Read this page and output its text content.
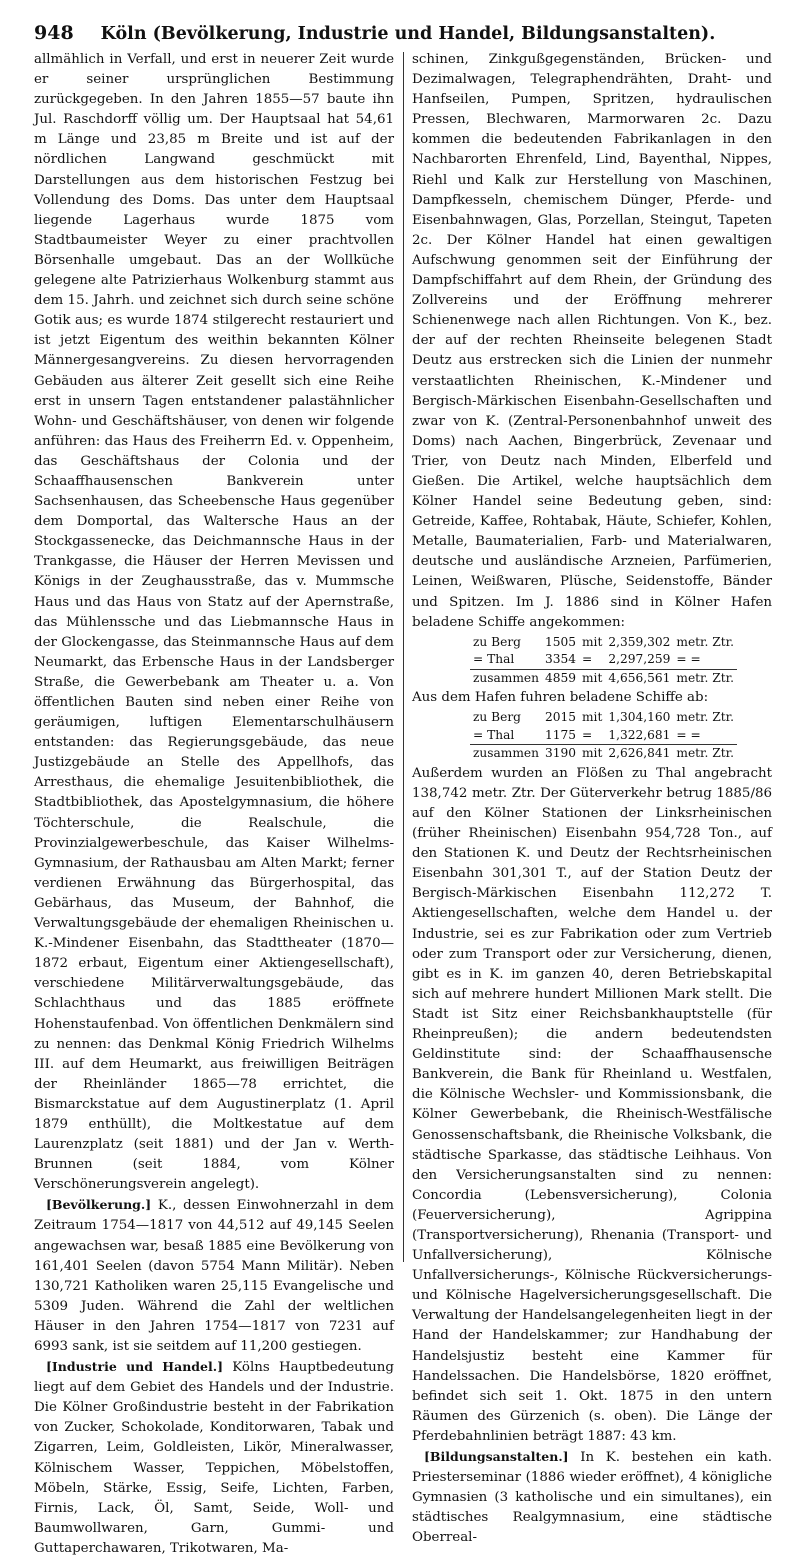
948	Köln (Bevölkerung, Industrie und Handel, Bildungsanstalten).

allmählich in Verfall, und erst in neuerer Zeit wurde er seiner ursprünglichen Bestimmung zurückgegeben. In den Jahren 1855—57 baute ihn Jul. Raschdorff völlig um. Der Hauptsaal hat 54,61 m Länge und 23,85 m Breite und ist auf der nördlichen Langwand geschmückt mit Darstellungen aus dem historischen Festzug bei Vollendung des Doms. Das unter dem Hauptsaal liegende Lagerhaus wurde 1875 vom Stadtbaumeister Weyer zu einer prachtvollen Börsenhalle umgebaut. Das an der Wollküche gelegene alte Patrizierhaus Wolkenburg stammt aus dem 15. Jahrh. und zeichnet sich durch seine schöne Gotik aus; es wurde 1874 stilgerecht restauriert und ist jetzt Eigentum des weithin bekannten Kölner Männergesangvereins. Zu diesen hervorragenden Gebäuden aus älterer Zeit gesellt sich eine Reihe erst in unsern Tagen entstandener palastähnlicher Wohn- und Geschäftshäuser, von denen wir folgende anführen: das Haus des Freiherrn Ed. v. Oppenheim, das Geschäftshaus der Colonia und der Schaaffhausenschen Bankverein unter Sachsenhausen, das Scheebensche Haus gegenüber dem Domportal, das Waltersche Haus an der Stockgassenecke, das Deichmannsche Haus in der Trankgasse, die Häuser der Herren Mevissen und Königs in der Zeughausstraße, das v. Mummsche Haus und das Haus von Statz auf der Apernstraße, das Mühlenssche und das Liebmannsche Haus in der Glockengasse, das Steinmannsche Haus auf dem Neumarkt, das Erbensche Haus in der Landsberger Straße, die Gewerbebank am Theater u. a. Von öffentlichen Bauten sind neben einer Reihe von geräumigen, luftigen Elementarschulhäusern entstanden: das Regierungsgebäude, das neue Justizgebäude an Stelle des Appellhofs, das Arresthaus, die ehemalige Jesuitenbibliothek, die Stadtbibliothek, das Apostelgymnasium, die höhere Töchterschule, die Realschule, die Provinzialgewerbeschule, das Kaiser Wilhelms-Gymnasium, der Rathausbau am Alten Markt; ferner verdienen Erwähnung das Bürgerhospital, das Gebärhaus, das Museum, der Bahnhof, die Verwaltungsgebäude der ehemaligen Rheinischen u. K.-Mindener Eisenbahn, das Stadttheater (1870—1872 erbaut, Eigentum einer Aktiengesellschaft), verschiedene Militärverwaltungsgebäude, das Schlachthaus und das 1885 eröffnete Hohenstaufenbad. Von öffentlichen Denkmälern sind zu nennen: das Denkmal König Friedrich Wilhelms III. auf dem Heumarkt, aus freiwilligen Beiträgen der Rheinländer 1865—78 errichtet, die Bismarckstatue auf dem Augustinerplatz (1. April 1879 enthüllt), die Moltkestatue auf dem Laurenzplatz (seit 1881) und der Jan v. Werth-Brunnen (seit 1884, vom Kölner Verschönerungsverein angelegt).

[Bevölkerung.] K., dessen Einwohnerzahl in dem Zeitraum 1754—1817 von 44,512 auf 49,145 Seelen angewachsen war, besaß 1885 eine Bevölkerung von 161,401 Seelen (davon 5754 Mann Militär). Neben 130,721 Katholiken waren 25,115 Evangelische und 5309 Juden. Während die Zahl der weltlichen Häuser in den Jahren 1754—1817 von 7231 auf 6993 sank, ist sie seitdem auf 11,200 gestiegen.

[Industrie und Handel.] Kölns Hauptbedeutung liegt auf dem Gebiet des Handels und der Industrie. Die Kölner Großindustrie besteht in der Fabrikation von Zucker, Schokolade, Konditorwaren, Tabak und Zigarren, Leim, Goldleisten, Likör, Mineralwasser, Kölnischem Wasser, Teppichen, Möbelstoffen, Möbeln, Stärke, Essig, Seife, Lichten, Farben, Firnis, Lack, Öl, Samt, Seide, Woll- und Baumwollwaren, Garn, Gummi- und Guttaperchawaren, Trikotwaren, Ma-

schinen, Zinkgußgegenständen, Brücken- und Dezimalwagen, Telegraphendrähten, Draht- und Hanfseilen, Pumpen, Spritzen, hydraulischen Pressen, Blechwaren, Marmorwaren 2c. Dazu kommen die bedeutenden Fabrikanlagen in den Nachbarorten Ehrenfeld, Lind, Bayenthal, Nippes, Riehl und Kalk zur Herstellung von Maschinen, Dampfkesseln, chemischem Dünger, Pferde- und Eisenbahnwagen, Glas, Porzellan, Steingut, Tapeten 2c. Der Kölner Handel hat einen gewaltigen Aufschwung genommen seit der Einführung der Dampfschiffahrt auf dem Rhein, der Gründung des Zollvereins und der Eröffnung mehrerer Schienenwege nach allen Richtungen. Von K., bez. der auf der rechten Rheinseite belegenen Stadt Deutz aus erstrecken sich die Linien der nunmehr verstaatlichten Rheinischen, K.-Mindener und Bergisch-Märkischen Eisenbahn-Gesellschaften und zwar von K. (Zentral-Personenbahnhof unweit des Doms) nach Aachen, Bingerbrück, Zevenaar und Trier, von Deutz nach Minden, Elberfeld und Gießen. Die Artikel, welche hauptsächlich dem Kölner Handel seine Bedeutung geben, sind: Getreide, Kaffee, Rohtabak, Häute, Schiefer, Kohlen, Metalle, Baumaterialien, Farb- und Materialwaren, deutsche und ausländische Arzneien, Parfümerien, Leinen, Weißwaren, Plüsche, Seidenstoffe, Bänder und Spitzen. Im J. 1886 sind in Kölner Hafen beladene Schiffe angekommen:

zu Berg	1505	mit	2,359,302	metr. Ztr.
= Thal	3354	=	2,297,259	= =
zusammen	4859	mit	4,656,561	metr. Ztr.

Aus dem Hafen fuhren beladene Schiffe ab:

zu Berg	2015	mit	1,304,160	metr. Ztr.
= Thal	1175	=	1,322,681	= =
zusammen	3190	mit	2,626,841	metr. Ztr.

Außerdem wurden an Flößen zu Thal angebracht 138,742 metr. Ztr. Der Güterverkehr betrug 1885/86 auf den Kölner Stationen der Linksrheinischen (früher Rheinischen) Eisenbahn 954,728 Ton., auf den Stationen K. und Deutz der Rechtsrheinischen Eisenbahn 301,301 T., auf der Station Deutz der Bergisch-Märkischen Eisenbahn 112,272 T. Aktiengesellschaften, welche dem Handel u. der Industrie, sei es zur Fabrikation oder zum Vertrieb oder zum Transport oder zur Versicherung, dienen, gibt es in K. im ganzen 40, deren Betriebskapital sich auf mehrere hundert Millionen Mark stellt. Die Stadt ist Sitz einer Reichsbankhauptstelle (für Rheinpreußen); die andern bedeutendsten Geldinstitute sind: der Schaaffhausensche Bankverein, die Bank für Rheinland u. Westfalen, die Kölnische Wechsler- und Kommissionsbank, die Kölner Gewerbebank, die Rheinisch-Westfälische Genossenschaftsbank, die Rheinische Volksbank, die städtische Sparkasse, das städtische Leihhaus. Von den Versicherungsanstalten sind zu nennen: Concordia (Lebensversicherung), Colonia (Feuerversicherung), Agrippina (Transportversicherung), Rhenania (Transport- und Unfallversicherung), Kölnische Unfallversicherungs-, Kölnische Rückversicherungs- und Kölnische Hagelversicherungsgesellschaft. Die Verwaltung der Handelsangelegenheiten liegt in der Hand der Handelskammer; zur Handhabung der Handelsjustiz besteht eine Kammer für Handelssachen. Die Handelsbörse, 1820 eröffnet, befindet sich seit 1. Okt. 1875 in den untern Räumen des Gürzenich (s. oben). Die Länge der Pferdebahnlinien beträgt 1887: 43 km.

[Bildungsanstalten.] In K. bestehen ein kath. Priesterseminar (1886 wieder eröffnet), 4 königliche Gymnasien (3 katholische und ein simultanes), ein städtisches Realgymnasium, eine städtische Oberreal-
